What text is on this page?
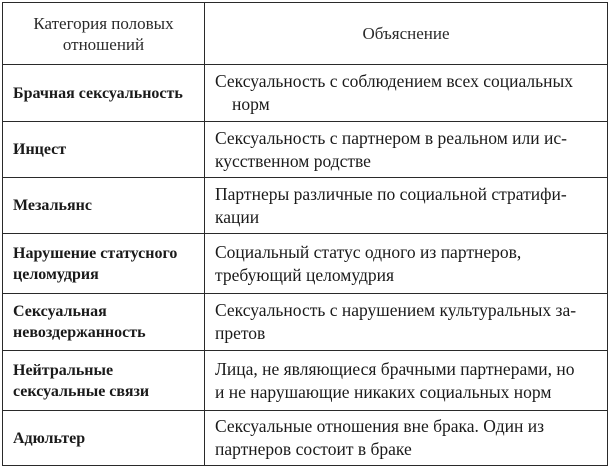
Категория половых
отношений	Объяснение

Брачная сексуальность	Сексуальность с соблюдением всех социальных
норм

Инцест	Сексуальность с партнером в реальном или ис-
кусственном родстве

Мезальянс	Партнеры различные по социальной стратифи-
кации

Нарушение статусного
целомудрия	Социальный статус одного из партнеров,
требующий целомудрия

Сексуальная
невоздержанность	Сексуальность с нарушением культуральных за-
претов

Нейтральные
сексуальные связи	Лица, не являющиеся брачными партнерами, но
и не нарушающие никаких социальных норм

Адюльтер	Сексуальные отношения вне брака. Один из
партнеров состоит в браке
